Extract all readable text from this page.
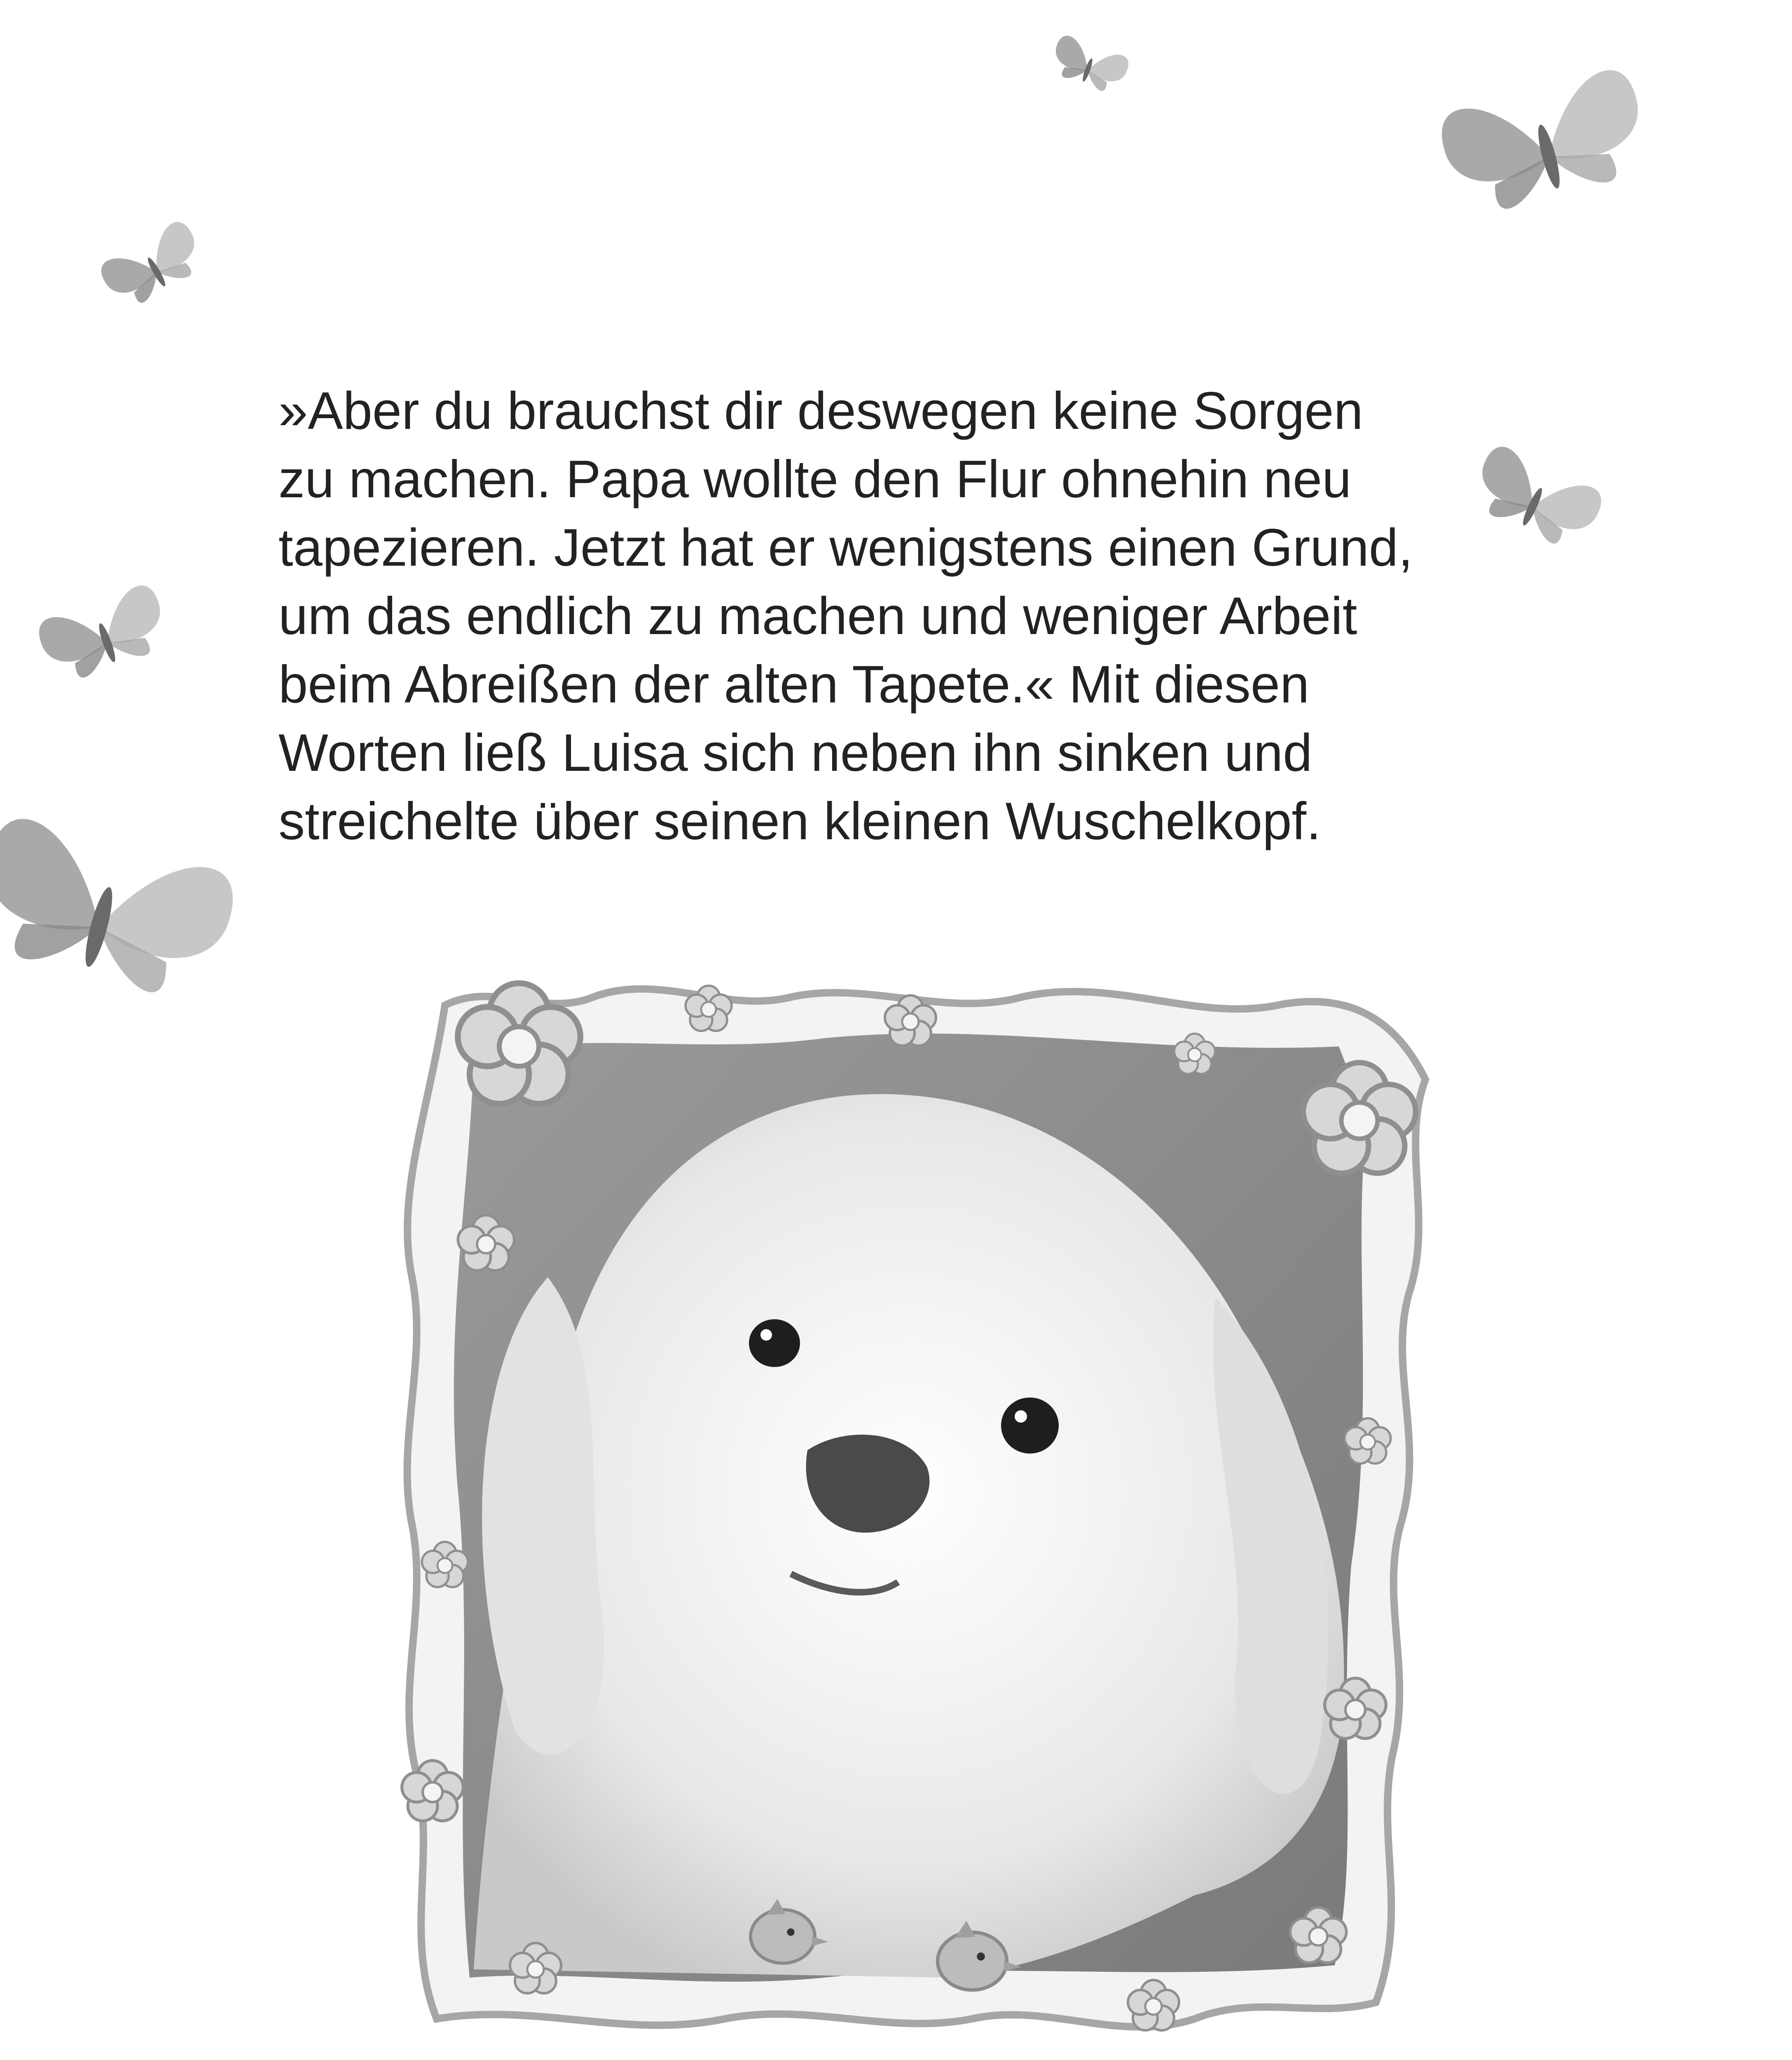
»Aber du brauchst dir deswegen keine Sorgen
zu machen. Papa wollte den Flur ohnehin neu
tapezieren. Jetzt hat er wenigstens einen Grund,
um das endlich zu machen und weniger Arbeit
beim Abreißen der alten Tapete.« Mit diesen
Worten ließ Luisa sich neben ihn sinken und
streichelte über seinen kleinen Wuschelkopf.
